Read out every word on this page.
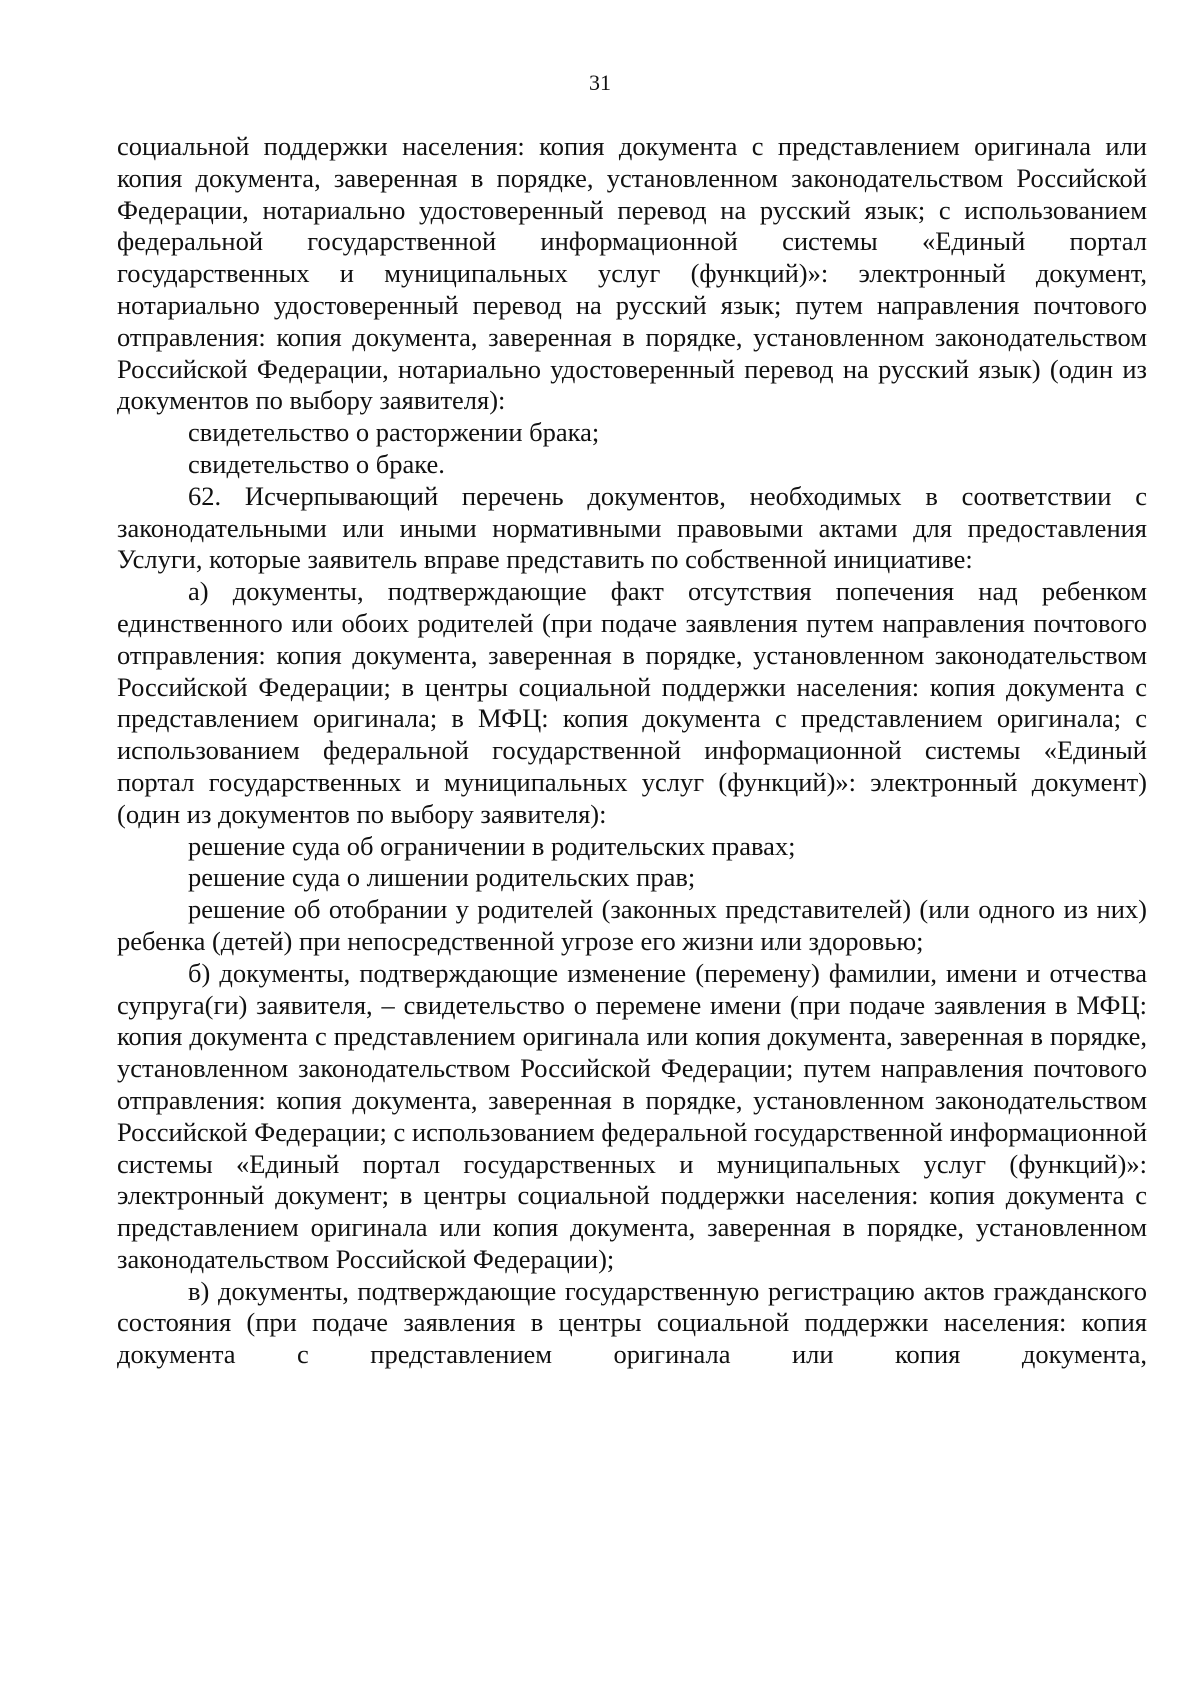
31

социальной поддержки населения: копия документа с представлением оригинала или копия документа, заверенная в порядке, установленном законодательством Российской Федерации, нотариально удостоверенный перевод на русский язык; с использованием федеральной государственной информационной системы «Единый портал государственных и муниципальных услуг (функций)»: электронный документ, нотариально удостоверенный перевод на русский язык; путем направления почтового отправления: копия документа, заверенная в порядке, установленном законодательством Российской Федерации, нотариально удостоверенный перевод на русский язык) (один из документов по выбору заявителя):

свидетельство о расторжении брака;

свидетельство о браке.

62. Исчерпывающий перечень документов, необходимых в соответствии с законодательными или иными нормативными правовыми актами для предоставления Услуги, которые заявитель вправе представить по собственной инициативе:

а) документы, подтверждающие факт отсутствия попечения над ребенком единственного или обоих родителей (при подаче заявления путем направления почтового отправления: копия документа, заверенная в порядке, установленном законодательством Российской Федерации; в центры социальной поддержки населения: копия документа с представлением оригинала; в МФЦ: копия документа с представлением оригинала; с использованием федеральной государственной информационной системы «Единый портал государственных и муниципальных услуг (функций)»: электронный документ) (один из документов по выбору заявителя):

решение суда об ограничении в родительских правах;

решение суда о лишении родительских прав;

решение об отобрании у родителей (законных представителей) (или одного из них) ребенка (детей) при непосредственной угрозе его жизни или здоровью;

б) документы, подтверждающие изменение (перемену) фамилии, имени и отчества супруга(ги) заявителя, – свидетельство о перемене имени (при подаче заявления в МФЦ: копия документа с представлением оригинала или копия документа, заверенная в порядке, установленном законодательством Российской Федерации; путем направления почтового отправления: копия документа, заверенная в порядке, установленном законодательством Российской Федерации; с использованием федеральной государственной информационной системы «Единый портал государственных и муниципальных услуг (функций)»: электронный документ; в центры социальной поддержки населения: копия документа с представлением оригинала или копия документа, заверенная в порядке, установленном законодательством Российской Федерации);

в) документы, подтверждающие государственную регистрацию актов гражданского состояния (при подаче заявления в центры социальной поддержки населения: копия документа с представлением оригинала или копия документа,
